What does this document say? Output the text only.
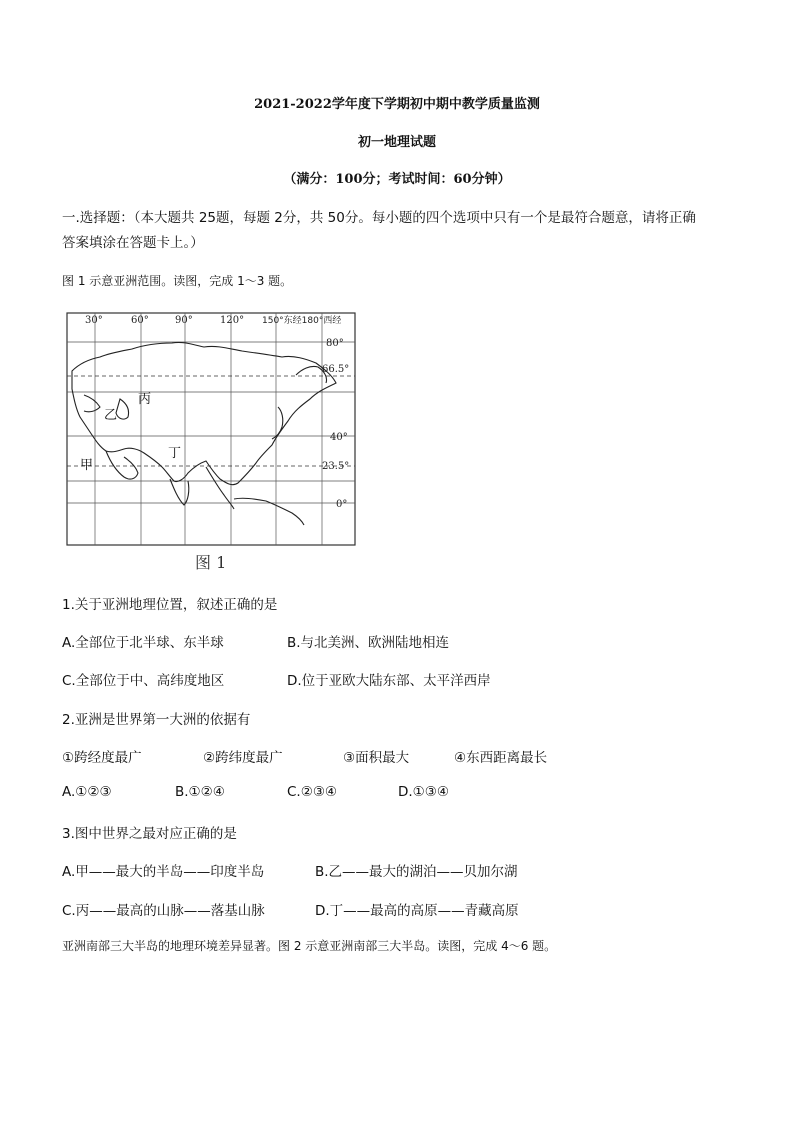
2021-2022学年度下学期初中期中教学质量监测
初一地理试题
（满分：100分；考试时间：60分钟）
一.选择题：（本大题共 25题，每题 2分，共 50分。每小题的四个选项中只有一个是最符合题意，请将正确
答案填涂在答题卡上。）
图 1 示意亚洲范围。读图，完成 1～3 题。
30°	60°	90°	120° 150°东经180°西经
80°
66.5°
40°
23.5°
0°
乙
丙
丁
甲
图 1
1.关于亚洲地理位置，叙述正确的是
A.全部位于北半球、东半球	B.与北美洲、欧洲陆地相连
C.全部位于中、高纬度地区	D.位于亚欧大陆东部、太平洋西岸
2.亚洲是世界第一大洲的依据有
①跨经度最广	②跨纬度最广	③面积最大	④东西距离最长
A.①②③	B.①②④	C.②③④	D.①③④
3.图中世界之最对应正确的是
A.甲——最大的半岛——印度半岛	B.乙——最大的湖泊——贝加尔湖
C.丙——最高的山脉——落基山脉	D.丁——最高的高原——青藏高原
亚洲南部三大半岛的地理环境差异显著。图 2 示意亚洲南部三大半岛。读图，完成 4～6 题。
